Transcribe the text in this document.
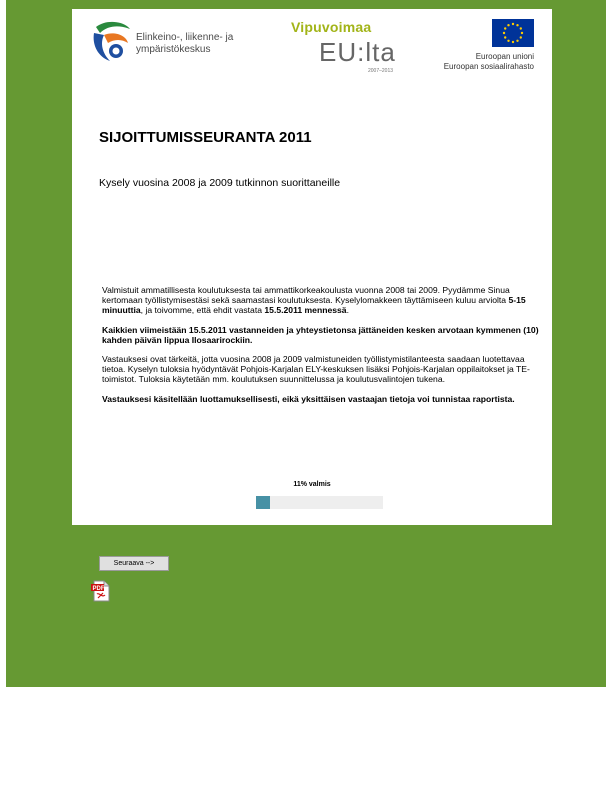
Elinkeino-, liikenne- ja
ympäristökeskus
Vipuvoimaa
EU:lta
2007–2013
Euroopan unioni
Euroopan sosiaalirahasto
SIJOITTUMISSEURANTA 2011

Kysely vuosina 2008 ja 2009 tutkinnon suorittaneille

Valmistuit ammatillisesta koulutuksesta tai ammattikorkeakoulusta vuonna 2008 tai 2009. Pyydämme Sinua kertomaan työllistymisestäsi sekä saamastasi koulutuksesta. Kyselylomakkeen täyttämiseen kuluu arviolta 5-15 minuuttia, ja toivomme, että ehdit vastata 15.5.2011 mennessä.

Kaikkien viimeistään 15.5.2011 vastanneiden ja yhteystietonsa jättäneiden kesken arvotaan kymmenen (10) kahden päivän lippua Ilosaarirockiin.

Vastauksesi ovat tärkeitä, jotta vuosina 2008 ja 2009 valmistuneiden työllistymistilanteesta saadaan luotettavaa tietoa. Kyselyn tuloksia hyödyntävät Pohjois-Karjalan ELY-keskuksen lisäksi Pohjois-Karjalan oppilaitokset ja TE-toimistot. Tuloksia käytetään mm. koulutuksen suunnittelussa ja koulutusvalintojen tukena.

Vastauksesi käsitellään luottamuksellisesti, eikä yksittäisen vastaajan tietoja voi tunnistaa raportista.

11% valmis
Seuraava -->
PDF
